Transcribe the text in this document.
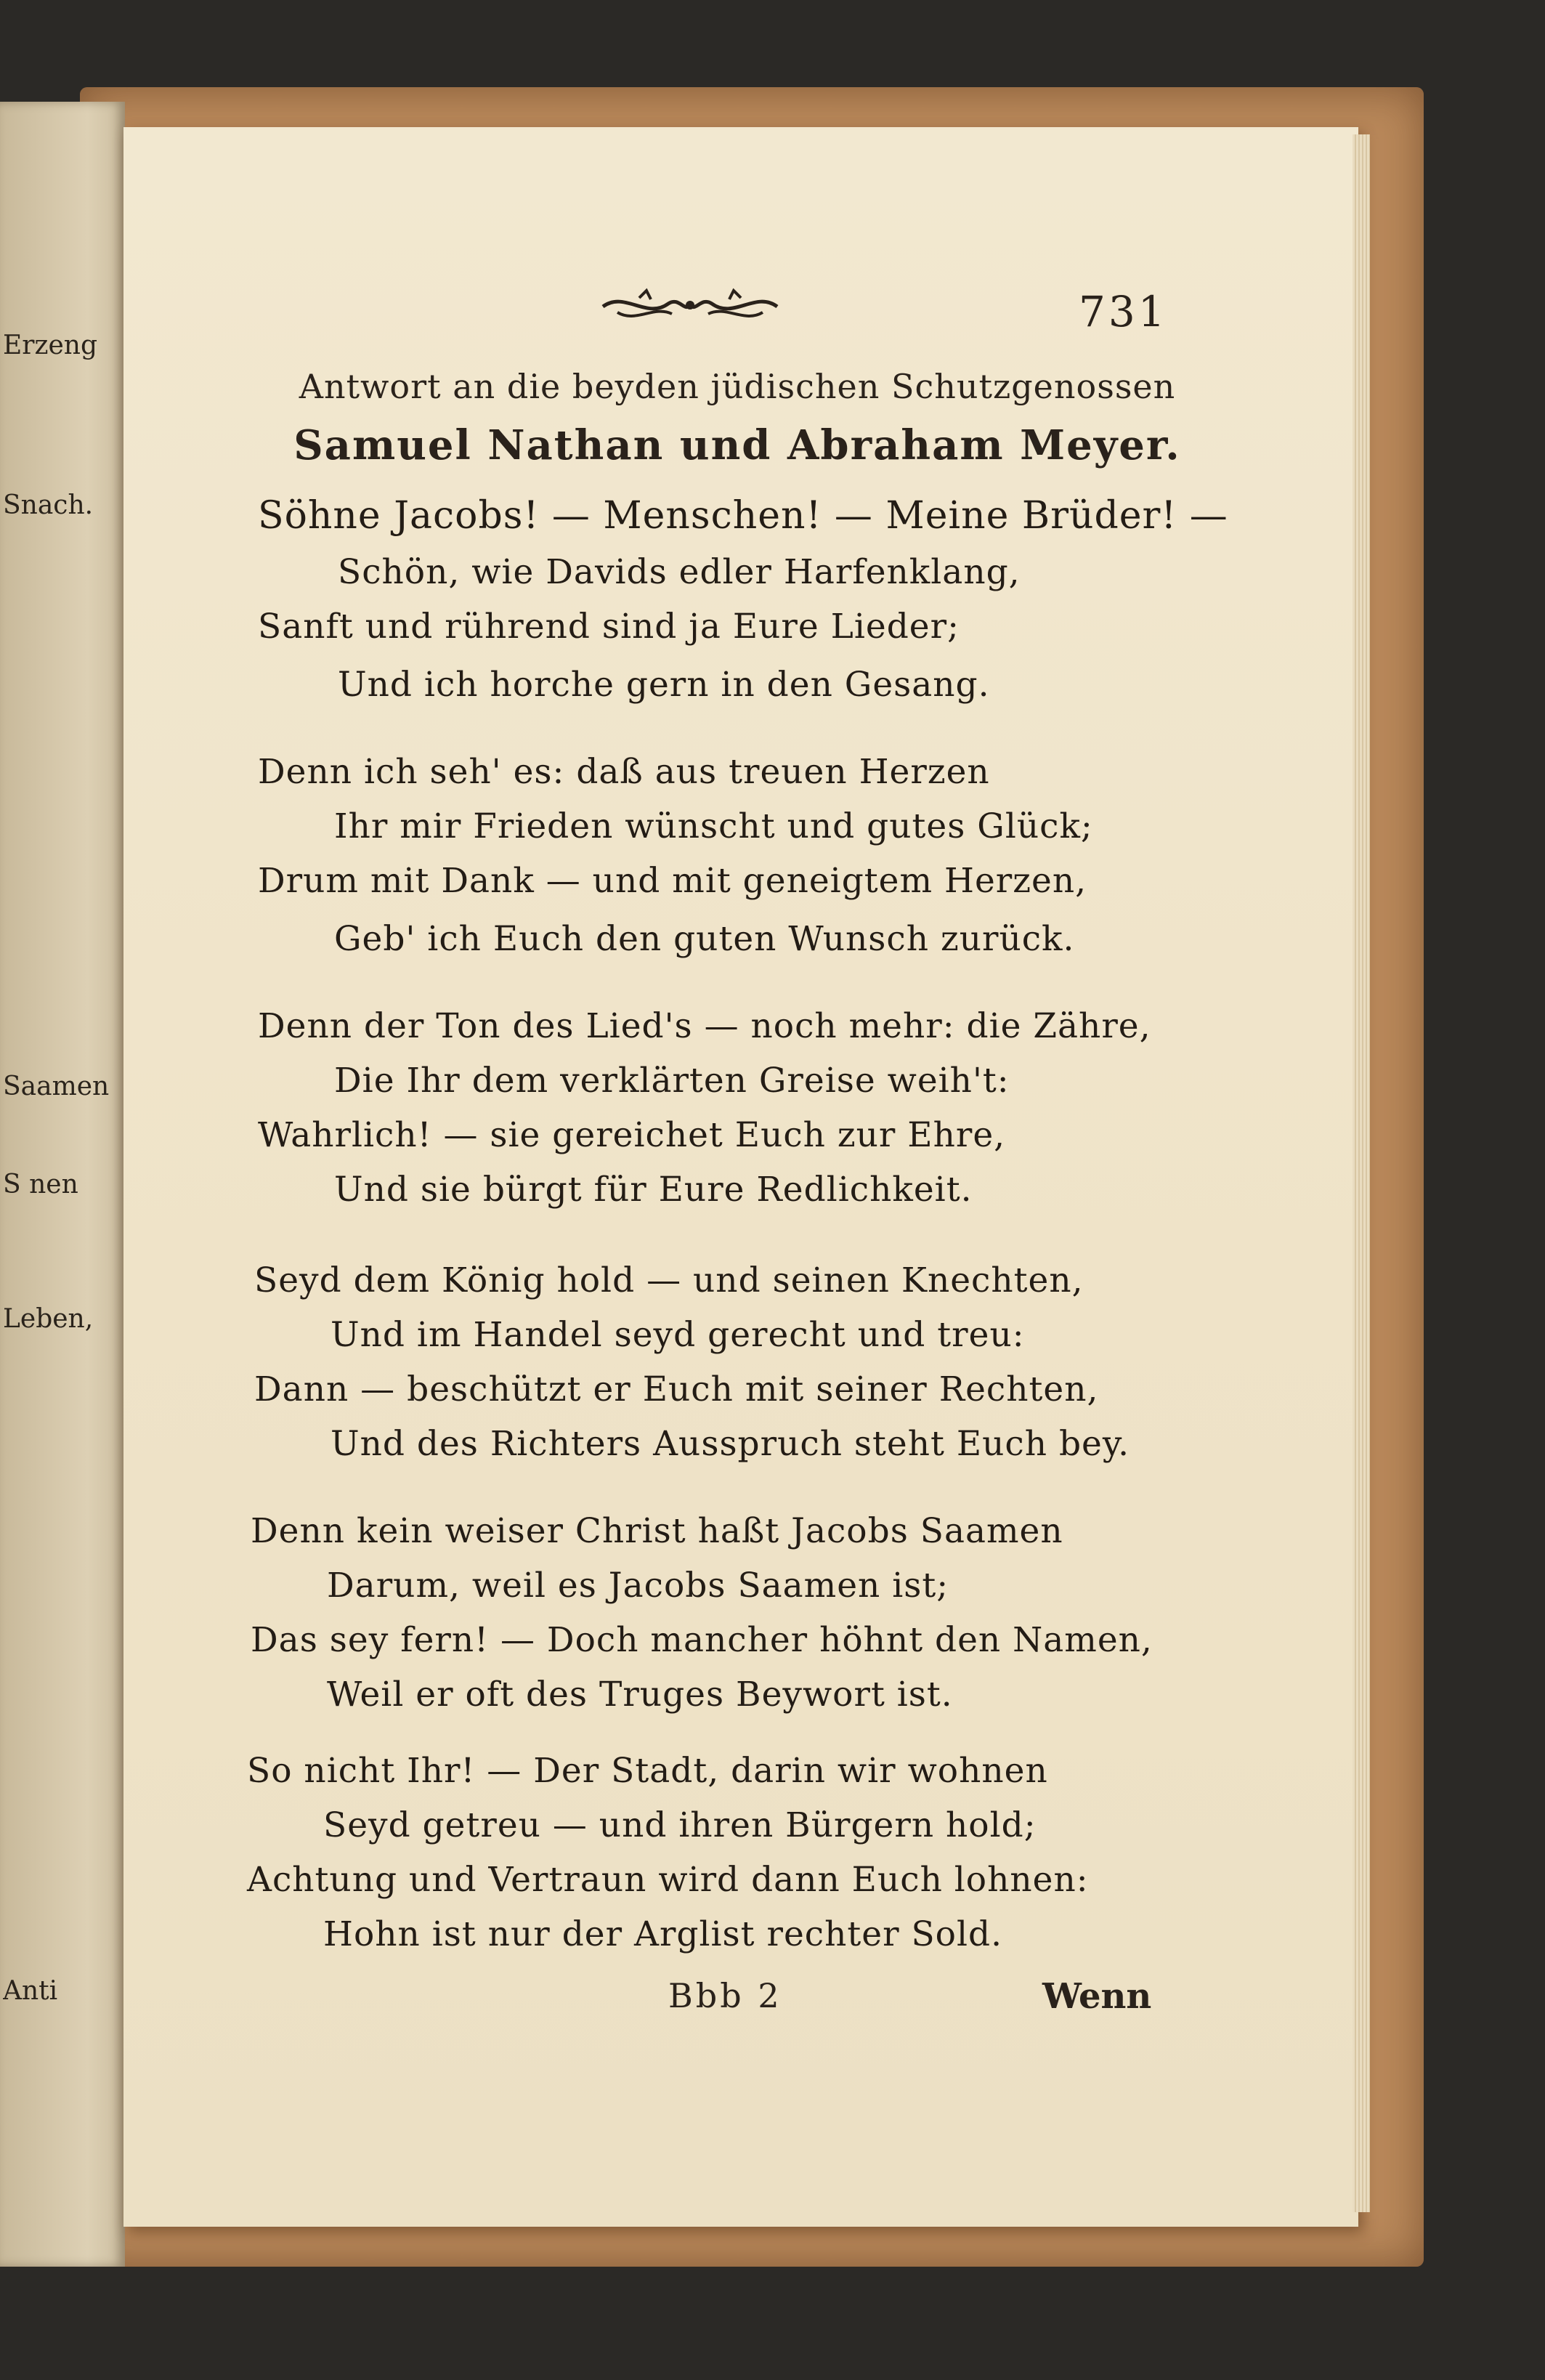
Erzeng
Snach.
Saamen
S nen
Leben,
Anti
731
Antwort an die beyden jüdischen Schutzgenossen
Samuel Nathan und Abraham Meyer.
Söhne Jacobs! — Menschen! — Meine Brüder! —
Schön, wie Davids edler Harfenklang,
Sanft und rührend sind ja Eure Lieder;
Und ich horche gern in den Gesang.
Denn ich seh' es: daß aus treuen Herzen
Ihr mir Frieden wünscht und gutes Glück;
Drum mit Dank — und mit geneigtem Herzen,
Geb' ich Euch den guten Wunsch zurück.
Denn der Ton des Lied's — noch mehr: die Zähre,
Die Ihr dem verklärten Greise weih't:
Wahrlich! — sie gereichet Euch zur Ehre,
Und sie bürgt für Eure Redlichkeit.
Seyd dem König hold — und seinen Knechten,
Und im Handel seyd gerecht und treu:
Dann — beschützt er Euch mit seiner Rechten,
Und des Richters Ausspruch steht Euch bey.
Denn kein weiser Christ haßt Jacobs Saamen
Darum, weil es Jacobs Saamen ist;
Das sey fern! — Doch mancher höhnt den Namen,
Weil er oft des Truges Beywort ist.
So nicht Ihr! — Der Stadt, darin wir wohnen
Seyd getreu — und ihren Bürgern hold;
Achtung und Vertraun wird dann Euch lohnen:
Hohn ist nur der Arglist rechter Sold.
Bbb 2	Wenn
